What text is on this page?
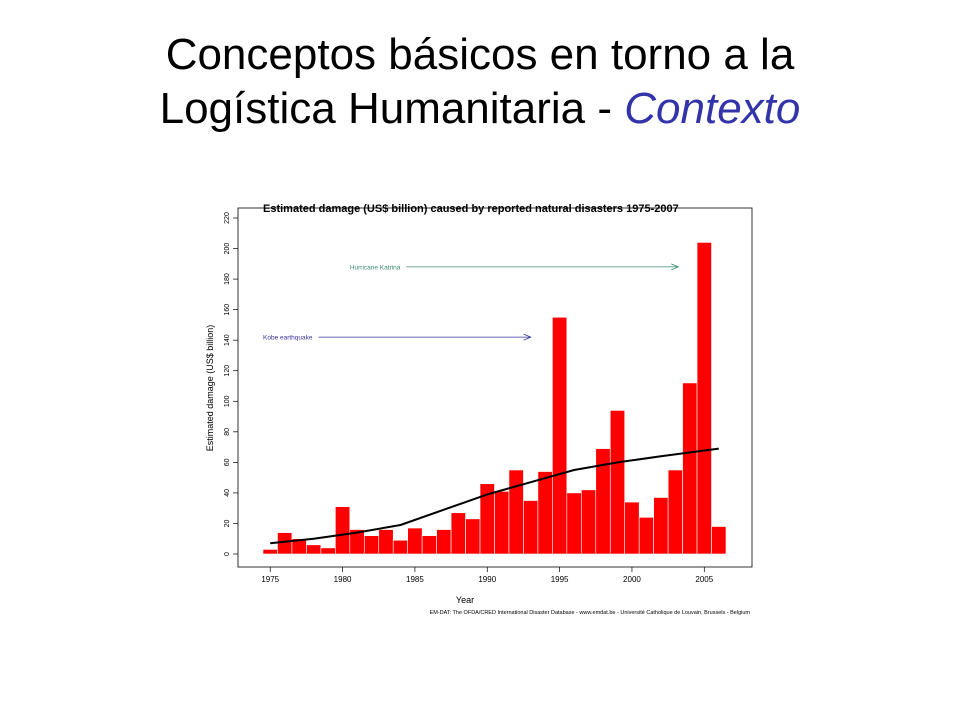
Conceptos básicos en torno a la
Logística Humanitaria - Contexto
Estimated damage (US$ billion) caused by reported natural disasters 1975-2007
0
20
40
60
80
100
120
140
160
180
200
220
1975	1980	1985	1990	1995	2000	2005
Hurricane Katrina
Kobe earthquake
Year
Estimated damage (US$ billion)
EM-DAT: The OFDA/CRED International Disaster Database - www.emdat.be - Université Catholique de Louvain, Brussels - Belgium
